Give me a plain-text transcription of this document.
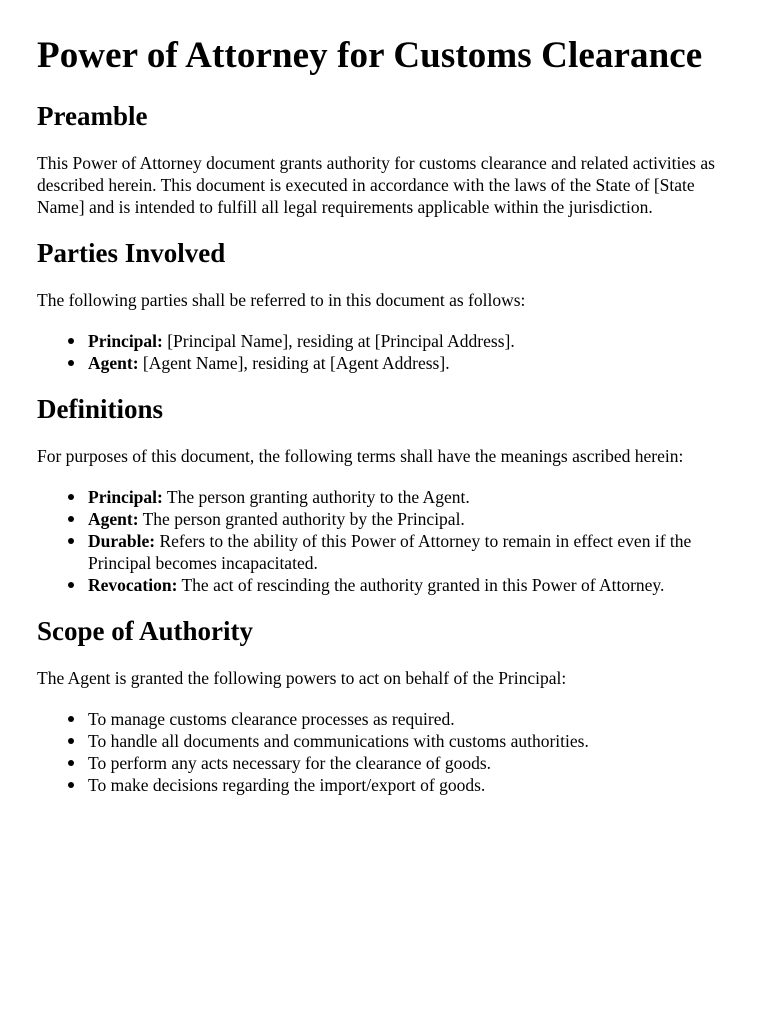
Power of Attorney for Customs Clearance
Preamble

This Power of Attorney document grants authority for customs clearance and related activities as described herein. This document is executed in accordance with the laws of the State of [State Name] and is intended to fulfill all legal requirements applicable within the jurisdiction.

Parties Involved

The following parties shall be referred to in this document as follows:

Principal: [Principal Name], residing at [Principal Address].
Agent: [Agent Name], residing at [Agent Address].
Definitions

For purposes of this document, the following terms shall have the meanings ascribed herein:

Principal: The person granting authority to the Agent.
Agent: The person granted authority by the Principal.
Durable: Refers to the ability of this Power of Attorney to remain in effect even if the Principal becomes incapacitated.
Revocation: The act of rescinding the authority granted in this Power of Attorney.
Scope of Authority

The Agent is granted the following powers to act on behalf of the Principal:

To manage customs clearance processes as required.
To handle all documents and communications with customs authorities.
To perform any acts necessary for the clearance of goods.
To make decisions regarding the import/export of goods.
